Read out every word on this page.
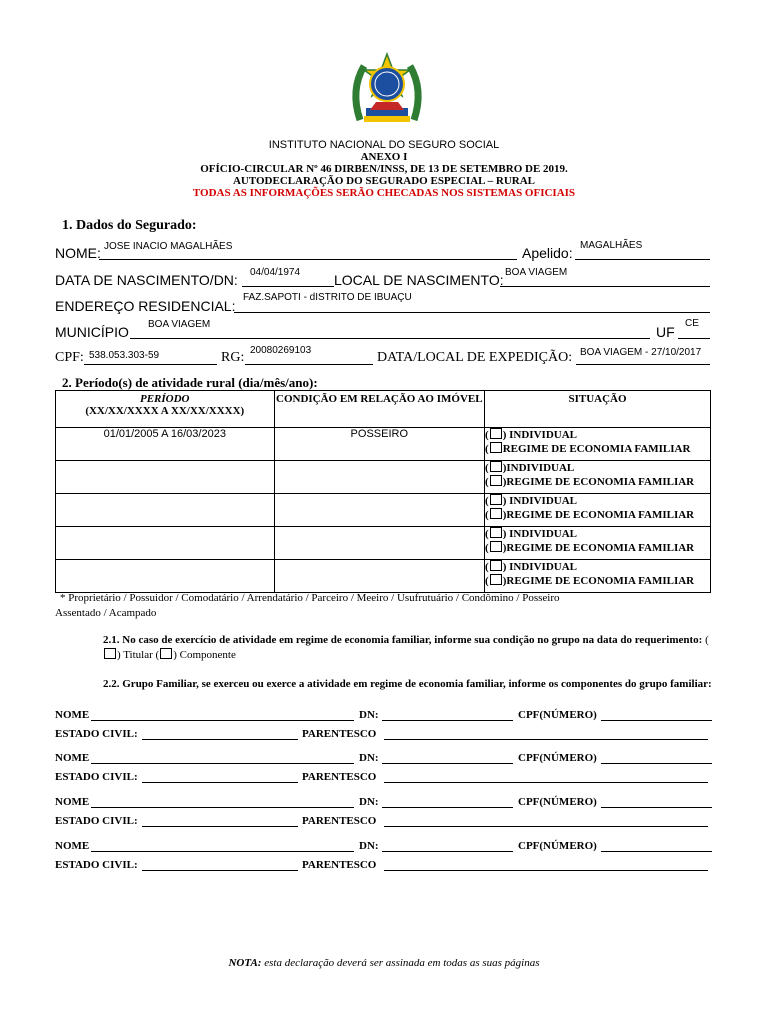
INSTITUTO NACIONAL DO SEGURO SOCIAL
ANEXO I
OFÍCIO-CIRCULAR Nº 46 DIRBEN/INSS, DE 13 DE SETEMBRO DE 2019.
AUTODECLARAÇÃO DO SEGURADO ESPECIAL – RURAL
TODAS AS INFORMAÇÕES SERÃO CHECADAS NOS SISTEMAS OFICIAIS
1. Dados do Segurado:
NOME: JOSE INACIO MAGALHÃES	Apelido: MAGALHÃES
DATA DE NASCIMENTO/DN: 04/04/1974 LOCAL DE NASCIMENTO: BOA VIAGEM
ENDEREÇO RESIDENCIAL:
FAZ.SAPOTI - dISTRITO DE IBUAÇU
MUNICÍPIO BOA VIAGEM	UF
CE
CPF: 538.053.303-59	RG: 20080269103	DATA/LOCAL DE EXPEDIÇÃO: BOA VIAGEM - 27/10/2017
2. Período(s) de atividade rural (dia/mês/ano):
PERÍODO
(XX/XX/XXXX A XX/XX/XXXX)	CONDIÇÃO EM RELAÇÃO AO IMÓVEL	SITUAÇÃO
01/01/2005 A 16/03/2023	POSSEIRO	( ) INDIVIDUAL
( REGIME DE ECONOMIA FAMILIAR
		( )INDIVIDUAL
( )REGIME DE ECONOMIA FAMILIAR
		( ) INDIVIDUAL
( )REGIME DE ECONOMIA FAMILIAR
		( ) INDIVIDUAL
( )REGIME DE ECONOMIA FAMILIAR
		( ) INDIVIDUAL
( )REGIME DE ECONOMIA FAMILIAR
* Proprietário / Possuidor / Comodatário / Arrendatário / Parceiro / Meeiro / Usufrutuário / Condômino / Posseiro
Assentado / Acampado
2.1. No caso de exercício de atividade em regime de economia familiar, informe sua condição no grupo na data do requerimento: () Titular ( ) Componente
2.2. Grupo Familiar, se exerceu ou exerce a atividade em regime de economia familiar, informe os componentes do grupo familiar:
NOME	DN:	CPF(NÚMERO)
ESTADO CIVIL:	PARENTESCO
NOME	DN:	CPF(NÚMERO)
ESTADO CIVIL:	PARENTESCO
NOME	DN:	CPF(NÚMERO)
ESTADO CIVIL:	PARENTESCO
NOME	DN:	CPF(NÚMERO)
ESTADO CIVIL:	PARENTESCO
NOTA: esta declaração deverá ser assinada em todas as suas páginas
